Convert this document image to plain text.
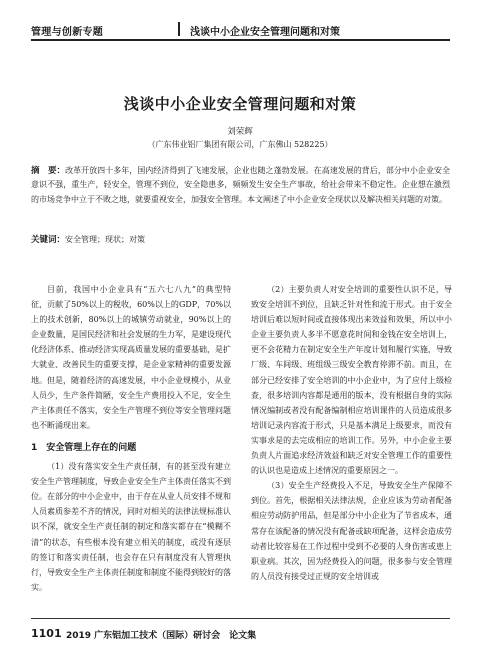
管理与创新专题	浅谈中小企业安全管理问题和对策
浅谈中小企业安全管理问题和对策
刘荣辉
（广东伟业铝厂集团有限公司，广东佛山 528225）
摘　要：改革开放四十多年，国内经济得到了飞速发展，企业也随之蓬勃发展。在高速发展的背后，部分中小企业安全意识不强，重生产，轻安全，管理不到位，安全隐患多，频频发生安全生产事故，给社会带来不稳定性。企业想在激烈的市场竞争中立于不败之地，就要重视安全，加强安全管理。本文阐述了中小企业安全现状以及解决相关问题的对策。
关键词：安全管理；现状；对策

目前，我国中小企业具有“五六七八九”的典型特征，贡献了50%以上的税收，60%以上的GDP，70%以上的技术创新，80%以上的城镇劳动就业，90%以上的企业数量，是国民经济和社会发展的生力军，是建设现代化经济体系、推动经济实现高质量发展的重要基础，是扩大就业、改善民生的重要支撑，是企业家精神的重要发源地。但是，随着经济的高速发展，中小企业规模小，从业人员少，生产条件简陋，安全生产费用投入不足，安全生产主体责任不落实，安全生产管理不到位等安全管理问题也不断涌现出来。

1　安全管理上存在的问题

（1）没有落实安全生产责任制，有的甚至没有建立安全生产管理制度，导致企业安全生产主体责任落实不到位。在部分的中小企业中，由于存在从业人员安排不规和人员素质参差不齐的情况，同时对相关的法律法规标准认识不深，就安全生产责任制的制定和落实都存在“模糊不清”的状态，有些根本没有建立相关的制度，或没有逐层的签订和落实责任制，也会存在只有制度没有人管理执行，导致安全生产主体责任制度和制度不能得到较好的落实。

（2）主要负责人对安全培训的重要性认识不足，导致安全培训不到位，且缺乏针对性和流于形式。由于安全培训后难以短时间或直接体现出来效益和效果，所以中小企业主要负责人多半不愿意花时间和金钱在安全培训上，更不会花精力在制定安全生产年度计划和履行实施，导致厂级、车间级、班组级三级安全教育停滞不前。而且，在部分已经安排了安全培训的中小企业中，为了应付上级检查，很多培训内容都是通用的版本，没有根据自身的实际情况编制或者没有配备编制相应培训课件的人员造成很多培训记录内容流于形式，只是基本满足上级要求，而没有实事求是的去完成相应的培训工作。另外，中小企业主要负责人片面追求经济效益和缺乏对安全管理工作的重要性的认识也是造成上述情况的重要原因之一。

（3）安全生产经费投入不足，导致安全生产保障不到位。首先，根据相关法律法规，企业应该为劳动者配备相应劳动防护用品，但是部分中小企业为了节省成本，通常存在该配备的情况没有配备或缺项配备，这样会造成劳动者比较容易在工作过程中受到不必要的人身伤害或患上职业病。其次，因为经费投入的问题，很多参与安全管理的人员没有接受过正规的安全培训或

1101 2019 广东铝加工技术（国际）研讨会　论文集
